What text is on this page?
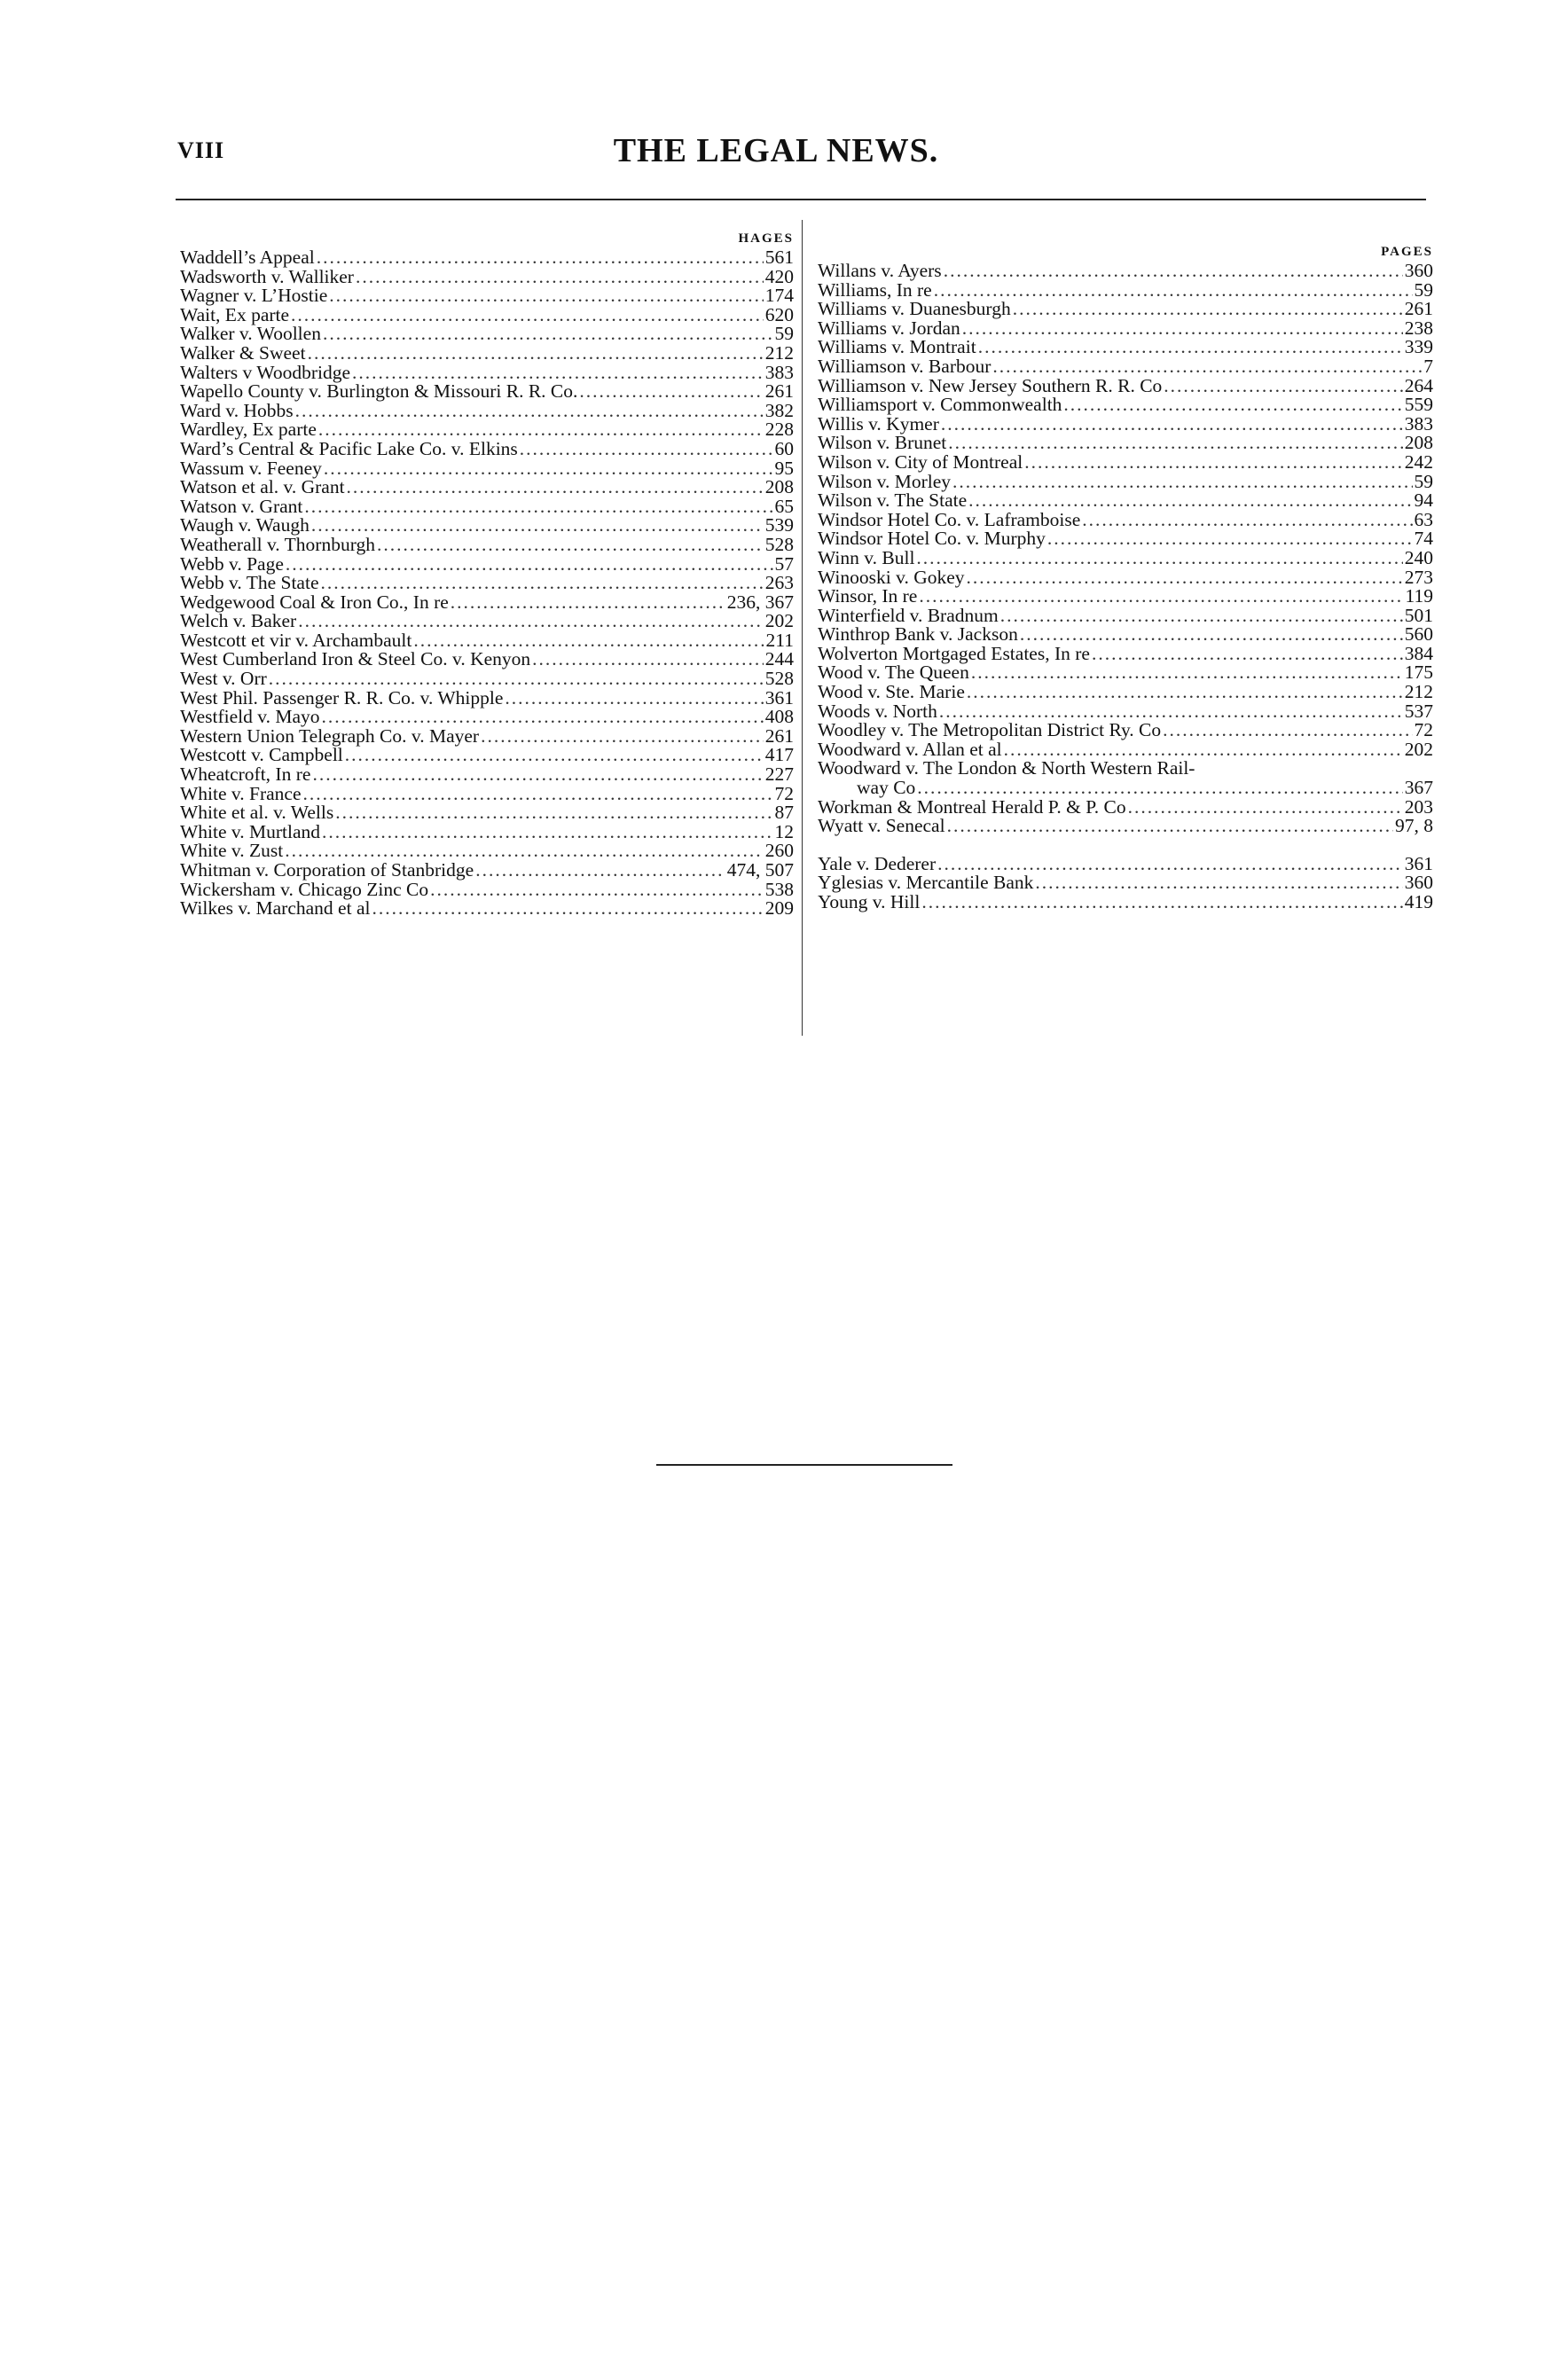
VIII	THE LEGAL NEWS.
HAGES
Waddell’s Appeal .....	561
Wadsworth v. Walliker .....	420
Wagner v. L’Hostie .....	174
Wait, Ex parte .....	620
Walker v. Woollen .....	59
Walker & Sweet .....	212
Walters v Woodbridge .....	383
Wapello County v. Burlington & Missouri R. R. Co. .....	261
Ward v. Hobbs .....	382
Wardley, Ex parte .....	228
Ward’s Central & Pacific Lake Co. v. Elkins .....	60
Wassum v. Feeney .....	95
Watson et al. v. Grant .....	208
Watson v. Grant .....	65
Waugh v. Waugh .....	539
Weatherall v. Thornburgh .....	528
Webb v. Page .....	57
Webb v. The State .....	263
Wedgewood Coal & Iron Co., In re .....	236, 367
Welch v. Baker .....	202
Westcott et vir v. Archambault .....	211
West Cumberland Iron & Steel Co. v. Kenyon .....	244
West v. Orr .....	528
West Phil. Passenger R. R. Co. v. Whipple .....	361
Westfield v. Mayo .....	408
Western Union Telegraph Co. v. Mayer .....	261
Westcott v. Campbell .....	417
Wheatcroft, In re .....	227
White v. France .....	72
White et al. v. Wells .....	87
White v. Murtland .....	12
White v. Zust .....	260
Whitman v. Corporation of Stanbridge .....	474, 507
Wickersham v. Chicago Zinc Co .....	538
Wilkes v. Marchand et al .....	209
PAGES
Willans v. Ayers .....	360
Williams, In re .....	59
Williams v. Duanesburgh .....	261
Williams v. Jordan .....	238
Williams v. Montrait .....	339
Williamson v. Barbour .....	7
Williamson v. New Jersey Southern R. R. Co .....	264
Williamsport v. Commonwealth .....	559
Willis v. Kymer .....	383
Wilson v. Brunet .....	208
Wilson v. City of Montreal .....	242
Wilson v. Morley .....	59
Wilson v. The State .....	94
Windsor Hotel Co. v. Laframboise .....	63
Windsor Hotel Co. v. Murphy .....	74
Winn v. Bull .....	240
Winooski v. Gokey .....	273
Winsor, In re .....	119
Winterfield v. Bradnum .....	501
Winthrop Bank v. Jackson .....	560
Wolverton Mortgaged Estates, In re .....	384
Wood v. The Queen .....	175
Wood v. Ste. Marie .....	212
Woods v. North .....	537
Woodley v. The Metropolitan District Ry. Co .....	72
Woodward v. Allan et al .....	202
Woodward v. The London & North Western Rail-
way Co .....	367
Workman & Montreal Herald P. & P. Co .....	203
Wyatt v. Senecal .....	97, 8
Yale v. Dederer .....	361
Yglesias v. Mercantile Bank .....	360
Young v. Hill .....	419
